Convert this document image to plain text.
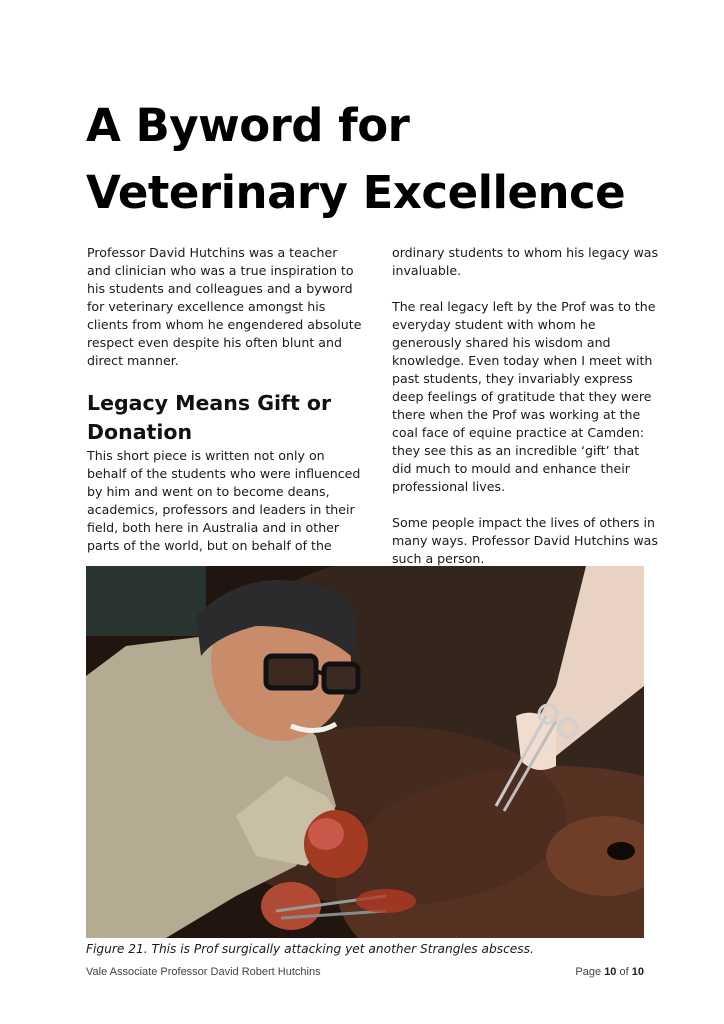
A Byword for
Veterinary Excellence

Professor David Hutchins was a teacher and clinician who was a true inspiration to his students and colleagues and a byword for veterinary excellence amongst his clients from whom he engendered absolute respect even despite his often blunt and direct manner.

Legacy Means Gift or Donation

This short piece is written not only on behalf of the students who were influenced by him and went on to become deans, academics, professors and leaders in their field, both here in Australia and in other parts of the world, but on behalf of the

ordinary students to whom his legacy was invaluable.

The real legacy left by the Prof was to the everyday student with whom he generously shared his wisdom and knowledge. Even today when I meet with past students, they invariably express deep feelings of gratitude that they were there when the Prof was working at the coal face of equine practice at Camden: they see this as an incredible ‘gift’ that did much to mould and enhance their professional lives.

Some people impact the lives of others in many ways. Professor David Hutchins was such a person.

Figure 21. This is Prof surgically attacking yet another Strangles abscess.
Vale Associate Professor David Robert Hutchins	Page 10 of 10
